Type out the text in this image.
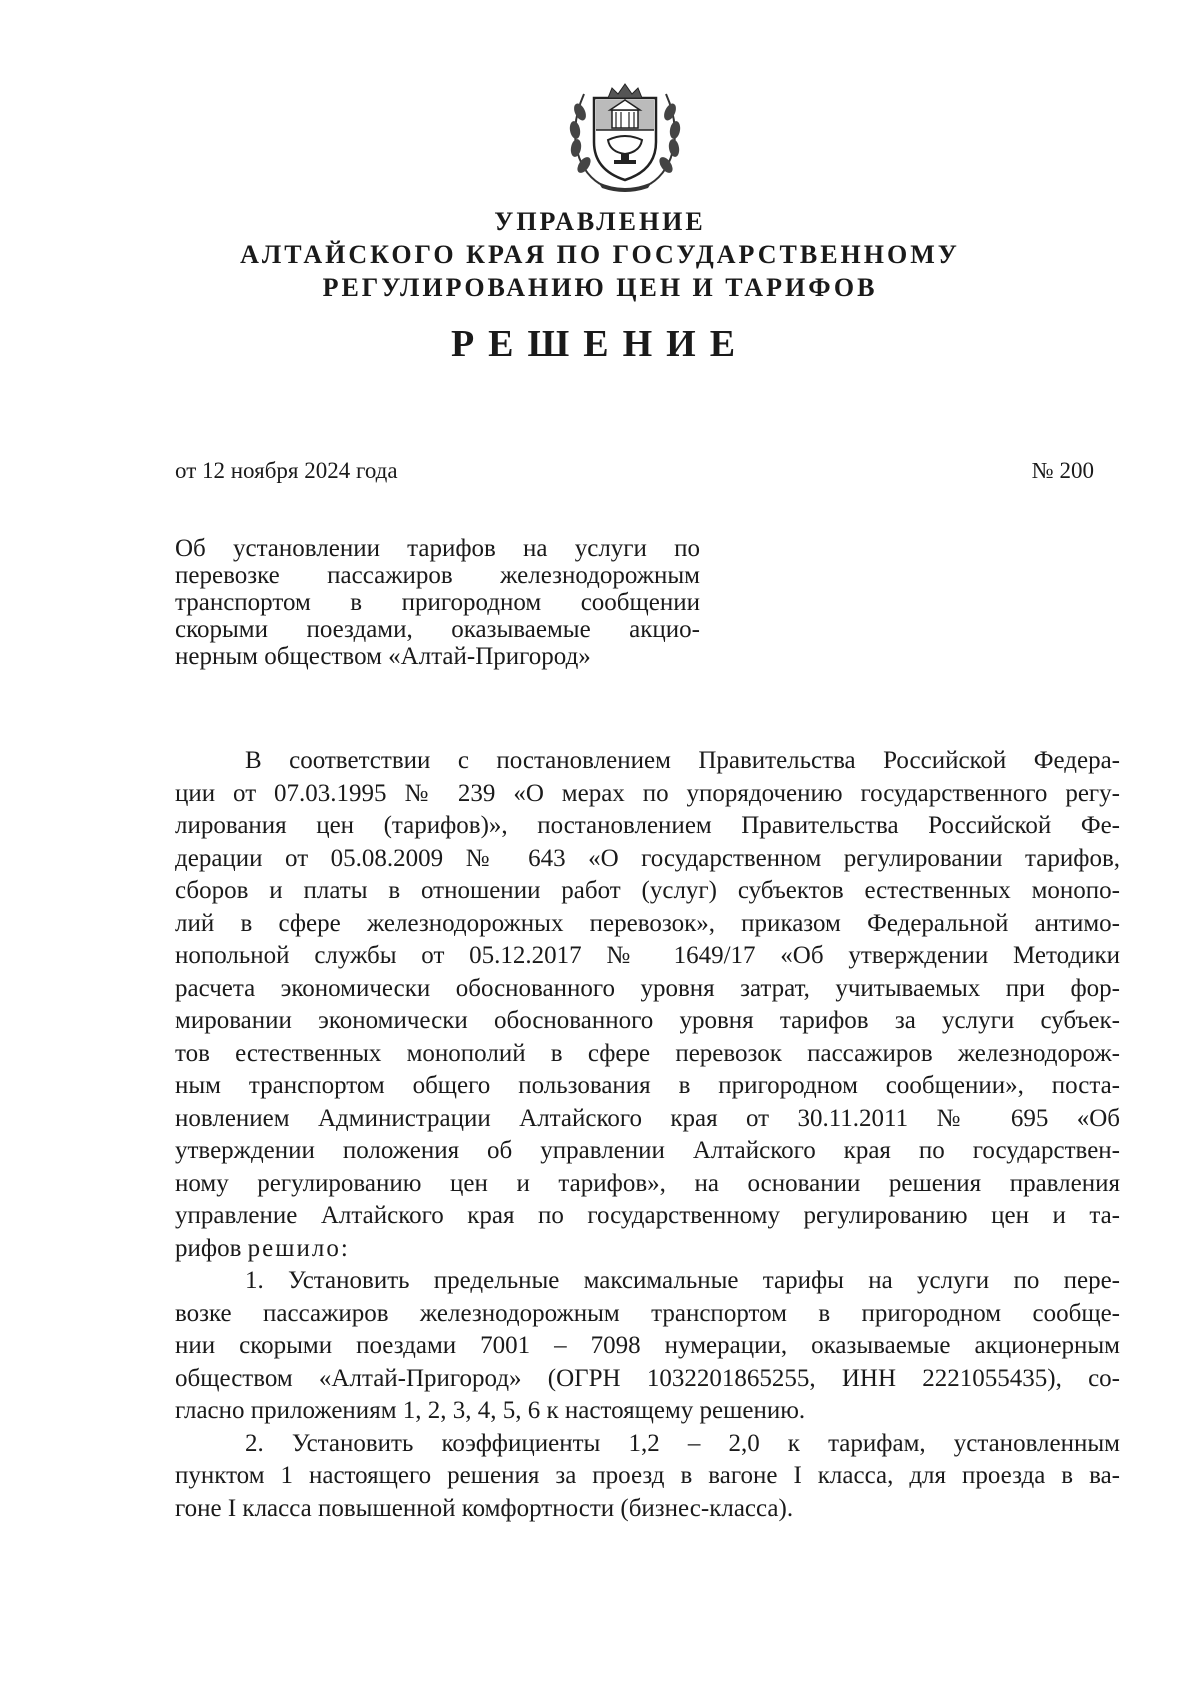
УПРАВЛЕНИЕ
АЛТАЙСКОГО КРАЯ ПО ГОСУДАРСТВЕННОМУ
РЕГУЛИРОВАНИЮ ЦЕН И ТАРИФОВ
РЕШЕНИЕ
от 12 ноября 2024 года	№ 200
Об установлении тарифов на услуги по
перевозке пассажиров железнодорожным
транспортом в пригородном сообщении
скорыми поездами, оказываемые акцио-
нерным обществом «Алтай-Пригород»
В соответствии с постановлением Правительства Российской Федера-
ции от 07.03.1995 № 239 «О мерах по упорядочению государственного регу-
лирования цен (тарифов)», постановлением Правительства Российской Фе-
дерации от 05.08.2009 № 643 «О государственном регулировании тарифов,
сборов и платы в отношении работ (услуг) субъектов естественных монопо-
лий в сфере железнодорожных перевозок», приказом Федеральной антимо-
нопольной службы от 05.12.2017 № 1649/17 «Об утверждении Методики
расчета экономически обоснованного уровня затрат, учитываемых при фор-
мировании экономически обоснованного уровня тарифов за услуги субъек-
тов естественных монополий в сфере перевозок пассажиров железнодорож-
ным транспортом общего пользования в пригородном сообщении», поста-
новлением Администрации Алтайского края от 30.11.2011 № 695 «Об
утверждении положения об управлении Алтайского края по государствен-
ному регулированию цен и тарифов», на основании решения правления
управление Алтайского края по государственному регулированию цен и та-
рифов решило:
1. Установить предельные максимальные тарифы на услуги по пере-
возке пассажиров железнодорожным транспортом в пригородном сообще-
нии скорыми поездами 7001 – 7098 нумерации, оказываемые акционерным
обществом «Алтай-Пригород» (ОГРН 1032201865255, ИНН 2221055435), со-
гласно приложениям 1, 2, 3, 4, 5, 6 к настоящему решению.
2. Установить коэффициенты 1,2 – 2,0 к тарифам, установленным
пунктом 1 настоящего решения за проезд в вагоне I класса, для проезда в ва-
гоне I класса повышенной комфортности (бизнес-класса).
